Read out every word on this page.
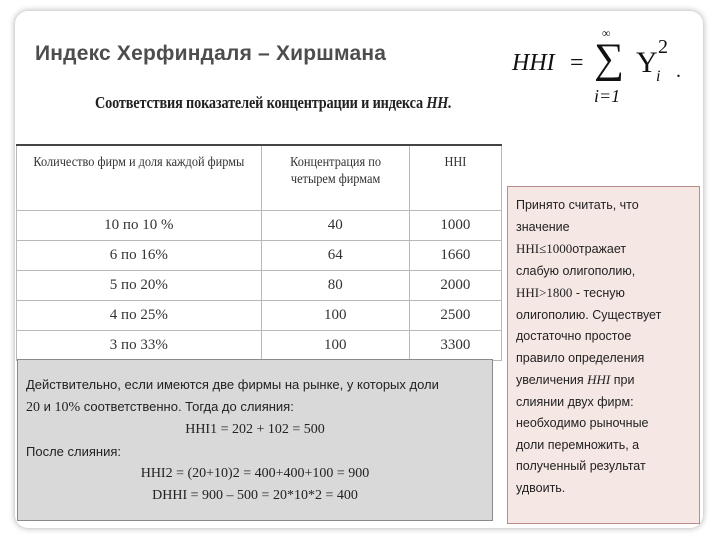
Индекс Херфиндаля – Хиршмана	HHI =
∞
∑
i=1
Y 2
i .
Соответствия показателей концентрации и индекса HH.
Количество фирм и доля каждой фирмы	Концентрация по четырем фирмам	HHI
10 по 10 %	40	1000
6 по 16%	64	1660
5 по 20%	80	2000
4 по 25%	100	2500
3 по 33%	100	3300
Действительно, если имеются две фирмы на рынке, у которых доли
20 и 10% соответственно. Тогда до слияния:
HHI1 = 202 + 102 = 500
После слияния:
HHI2 = (20+10)2 = 400+400+100 = 900
DHHI = 900 – 500 = 20*10*2 = 400
Принято считать, что
значение
HHI≤1000отражает
слабую олигополию,
HHI>1800 - тесную
олигополию. Существует
достаточно простое
правило определения
увеличения HHI при
слиянии двух фирм:
необходимо рыночные
доли перемножить, а
полученный результат
удвоить.
